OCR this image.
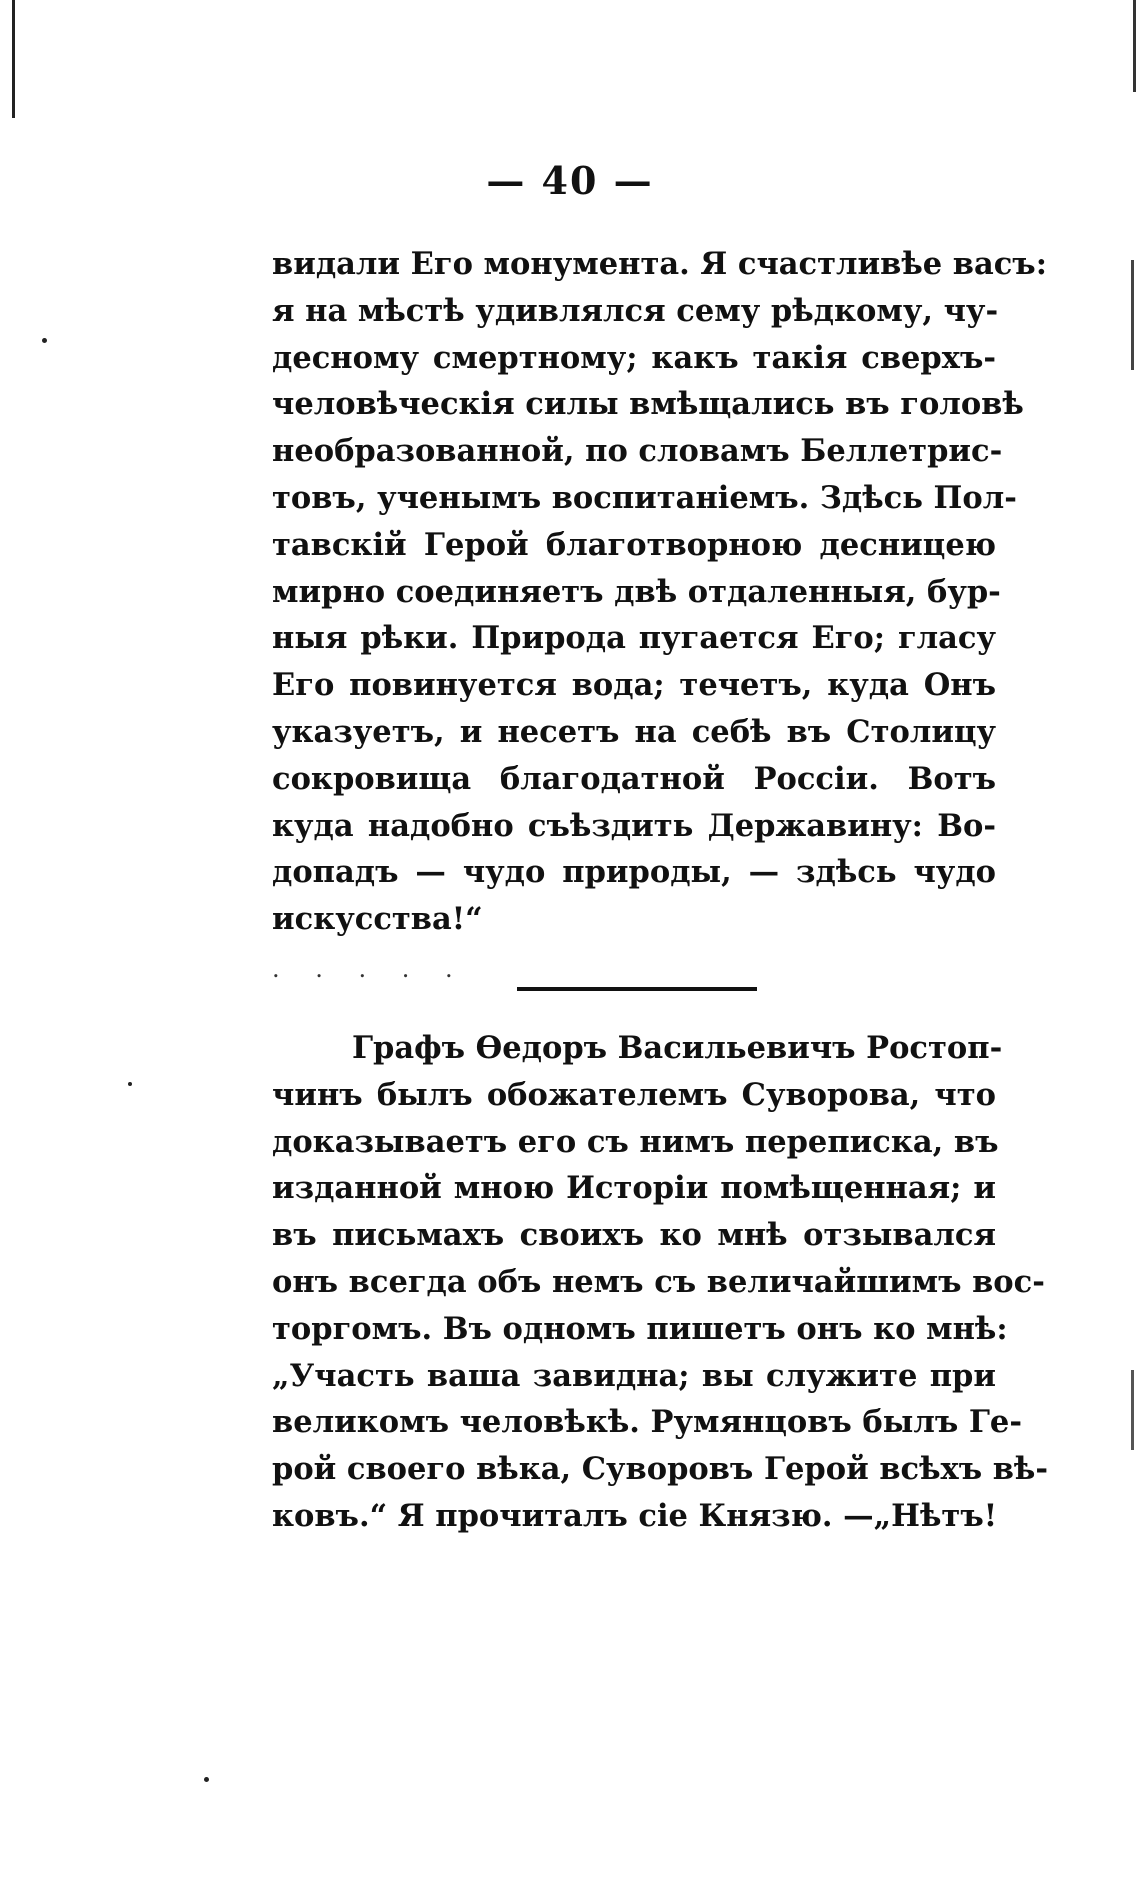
— 40 —
видали Его монумента. Я счастливѣе васъ:
я на мѣстѣ удивлялся сему рѣдкому, чу-
десному смертному; какъ такія сверхъ-
человѣческія силы вмѣщались въ головѣ
необразованной, по словамъ Беллетрис-
товъ, ученымъ воспитаніемъ. Здѣсь Пол-
тавскій Герой благотворною десницею
мирно соединяетъ двѣ отдаленныя, бур-
ныя рѣки. Природа пугается Его; гласу
Его повинуется вода; течетъ, куда Онъ
указуетъ, и несетъ на себѣ въ Столицу
сокровища благодатной Россіи. Вотъ
куда надобно съѣздить Державину: Во-
допадъ — чудо природы, — здѣсь чудо
искусства!“
. . . . .
Графъ Ѳедоръ Васильевичъ Ростоп-
чинъ былъ обожателемъ Суворова, что
доказываетъ его съ нимъ переписка, въ
изданной мною Исторіи помѣщенная; и
въ письмахъ своихъ ко мнѣ отзывался
онъ всегда объ немъ съ величайшимъ вос-
торгомъ. Въ одномъ пишетъ онъ ко мнѣ:
„Участь ваша завидна; вы служите при
великомъ человѣкѣ. Румянцовъ былъ Ге-
рой своего вѣка, Суворовъ Герой всѣхъ вѣ-
ковъ.“ Я прочиталъ сіе Князю. —„Нѣтъ!
